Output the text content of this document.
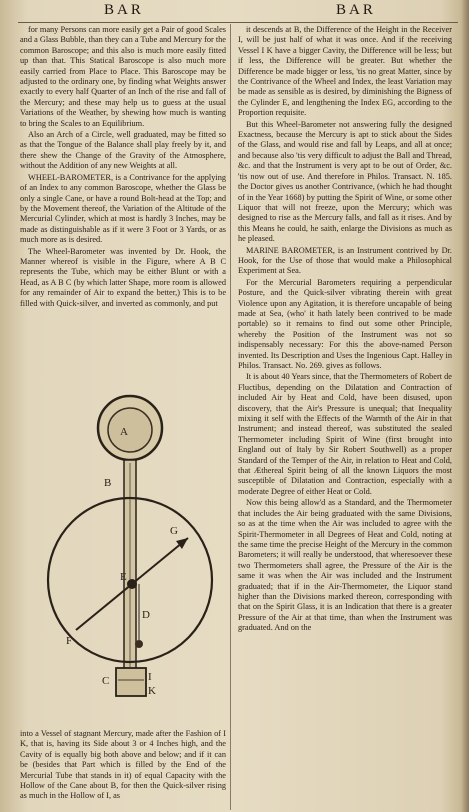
BAR	BAR

for many Persons can more easily get a Pair of good Scales and a Glass Bubble, than they can a Tube and Mercury for the common Baroscope; and this also is much more easily fitted up than that. This Statical Baroscope is also much more easily carried from Place to Place. This Baroscope may be adjusted to the ordinary one, by finding what Weights answer exactly to every half Quarter of an Inch of the rise and fall of the Mercury; and these may help us to guess at the usual Variations of the Weather, by shewing how much is wanting to bring the Scales to an Equilibrium.

Also an Arch of a Circle, well graduated, may be fitted so as that the Tongue of the Balance shall play freely by it, and there shew the Change of the Gravity of the Atmosphere, without the Addition of any new Weights at all.

WHEEL-BAROMETER, is a Contrivance for the applying of an Index to any common Baroscope, whether the Glass be only a single Cane, or have a round Bolt-head at the Top; and by the Movement thereof, the Variation of the Altitude of the Mercurial Cylinder, which at most is hardly 3 Inches, may be made as distinguishable as if it were 3 Foot or 3 Yards, or as much more as is desired.

The Wheel-Barometer was invented by Dr. Hook, the Manner whereof is visible in the Figure, where A B C represents the Tube, which may be either Blunt or with a Head, as A B C (by which latter Shape, more room is allowed for any remainder of Air to expand the better,) This is to be filled with Quick-silver, and inverted as commonly, and put

A
B
C
D
E
F
G
I
K

into a Vessel of stagnant Mercury, made after the Fashion of I K, that is, having its Side about 3 or 4 Inches high, and the Cavity of is equally big both above and below; and if it can be (besides that Part which is filled by the End of the Mercurial Tube that stands in it) of equal Capacity with the Hollow of the Cane about B, for then the Quick-silver rising as much in the Hollow of I, as

it descends at B, the Difference of the Height in the Receiver I, will be just half of what it was once. And if the receiving Vessel I K have a bigger Cavity, the Difference will be less; but if less, the Difference will be greater. But whether the Difference be made bigger or less, 'tis no great Matter, since by the Contrivance of the Wheel and Index, the least Variation may be made as sensible as is desired, by diminishing the Bigness of the Cylinder E, and lengthening the Index EG, according to the Proportion requisite.

But this Wheel-Barometer not answering fully the designed Exactness, because the Mercury is apt to stick about the Sides of the Glass, and would rise and fall by Leaps, and all at once; and because also 'tis very difficult to adjust the Ball and Thread, &c. and that the Instrument is very apt to be out of Order, &c. 'tis now out of use. And therefore in Philos. Transact. N. 185. the Doctor gives us another Contrivance, (which he had thought of in the Year 1668) by putting the Spirit of Wine, or some other Liquor that will not freeze, upon the Mercury; which was designed to rise as the Mercury falls, and fall as it rises. And by this Means he could, he saith, enlarge the Divisions as much as he pleased.

MARINE BAROMETER, is an Instrument contrived by Dr. Hook, for the Use of those that would make a Philosophical Experiment at Sea.

For the Mercurial Barometers requiring a perpendicular Posture, and the Quick-silver vibrating therein with great Violence upon any Agitation, it is therefore uncapable of being made at Sea, (who' it hath lately been contrived to be made portable) so it remains to find out some other Principle, whereby the Position of the Instrument was not so indispensably necessary: For this the above-named Person invented. Its Description and Uses the Ingenious Capt. Halley in Philos. Transact. No. 269. gives as follows.

It is about 40 Years since, that the Thermometers of Robert de Fluctibus, depending on the Dilatation and Contraction of included Air by Heat and Cold, have been disused, upon discovery, that the Air's Pressure is unequal; that Inequality mixing it self with the Effects of the Warmth of the Air in that Instrument; and instead thereof, was substituted the sealed Thermometer including Spirit of Wine (first brought into England out of Italy by Sir Robert Southwell) as a proper Standard of the Temper of the Air, in relation to Heat and Cold, that Æthereal Spirit being of all the known Liquors the most susceptible of Dilatation and Contraction, especially with a moderate Degree of either Heat or Cold.

Now this being allow'd as a Standard, and the Thermometer that includes the Air being graduated with the same Divisions, so as at the time when the Air was included to agree with the Spirit-Thermometer in all Degrees of Heat and Cold, noting at the same time the precise Height of the Mercury in the common Barometers; it will really be understood, that wheresoever these two Thermometers shall agree, the Pressure of the Air is the same it was when the Air was included and the Instrument graduated; that if in the Air-Thermometer, the Liquor stand higher than the Divisions marked thereon, corresponding with that on the Spirit Glass, it is an Indication that there is a greater Pressure of the Air at that time, than when the Instrument was graduated. And on the
